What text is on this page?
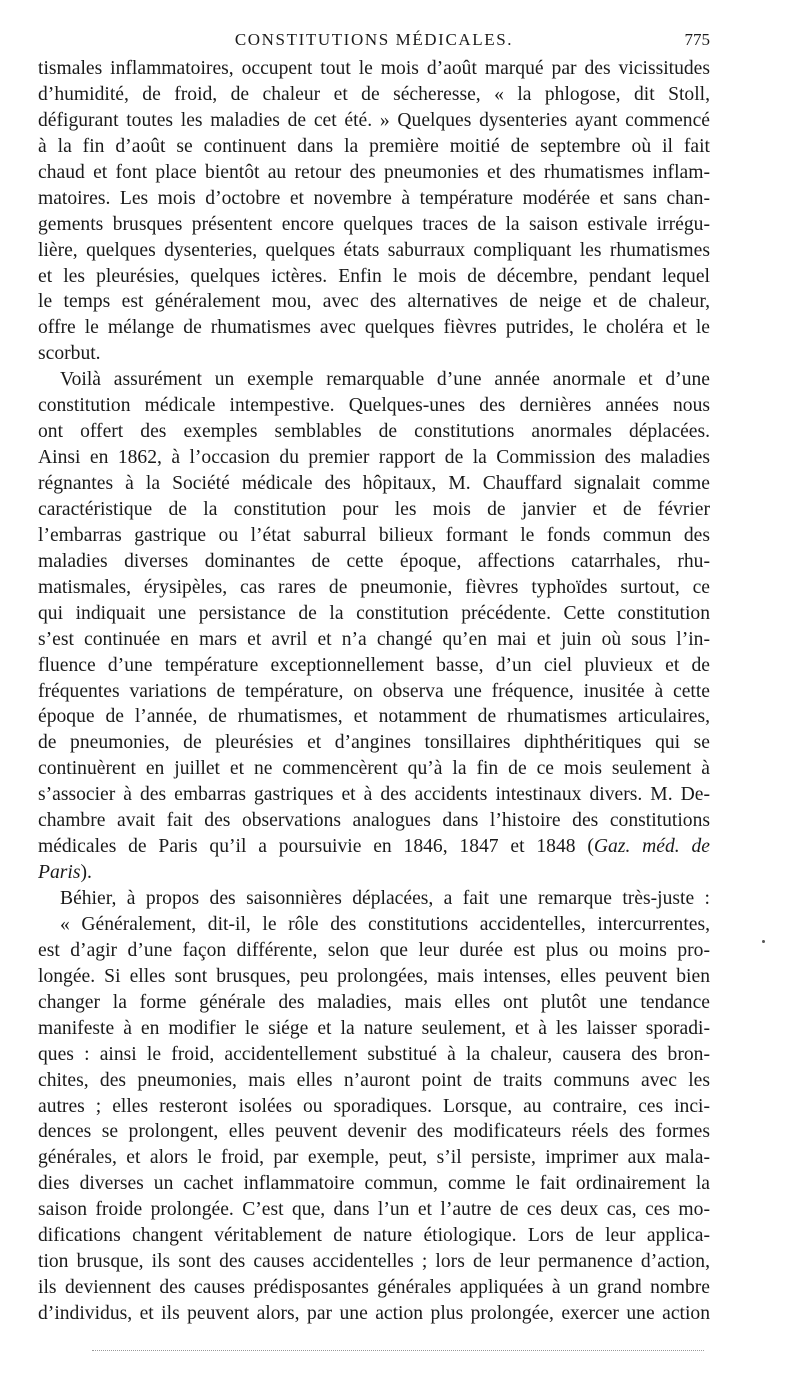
CONSTITUTIONS MÉDICALES.	775
tismales inflammatoires, occupent tout le mois d’août marqué par des vicissitudes
d’humidité, de froid, de chaleur et de sécheresse, « la phlogose, dit Stoll,
défigurant toutes les maladies de cet été. » Quelques dysenteries ayant commencé
à la fin d’août se continuent dans la première moitié de septembre où il fait
chaud et font place bientôt au retour des pneumonies et des rhumatismes inflam-
matoires. Les mois d’octobre et novembre à température modérée et sans chan-
gements brusques présentent encore quelques traces de la saison estivale irrégu-
lière, quelques dysenteries, quelques états saburraux compliquant les rhumatismes
et les pleurésies, quelques ictères. Enfin le mois de décembre, pendant lequel
le temps est généralement mou, avec des alternatives de neige et de chaleur,
offre le mélange de rhumatismes avec quelques fièvres putrides, le choléra et le
scorbut.
Voilà assurément un exemple remarquable d’une année anormale et d’une
constitution médicale intempestive. Quelques-unes des dernières années nous
ont offert des exemples semblables de constitutions anormales déplacées.
Ainsi en 1862, à l’occasion du premier rapport de la Commission des maladies
régnantes à la Société médicale des hôpitaux, M. Chauffard signalait comme
caractéristique de la constitution pour les mois de janvier et de février
l’embarras gastrique ou l’état saburral bilieux formant le fonds commun des
maladies diverses dominantes de cette époque, affections catarrhales, rhu-
matismales, érysipèles, cas rares de pneumonie, fièvres typhoïdes surtout, ce
qui indiquait une persistance de la constitution précédente. Cette constitution
s’est continuée en mars et avril et n’a changé qu’en mai et juin où sous l’in-
fluence d’une température exceptionnellement basse, d’un ciel pluvieux et de
fréquentes variations de température, on observa une fréquence, inusitée à cette
époque de l’année, de rhumatismes, et notamment de rhumatismes articulaires,
de pneumonies, de pleurésies et d’angines tonsillaires diphthéritiques qui se
continuèrent en juillet et ne commencèrent qu’à la fin de ce mois seulement à
s’associer à des embarras gastriques et à des accidents intestinaux divers. M. De-
chambre avait fait des observations analogues dans l’histoire des constitutions
médicales de Paris qu’il a poursuivie en 1846, 1847 et 1848 (Gaz. méd. de
Paris).
Béhier, à propos des saisonnières déplacées, a fait une remarque très-juste :
« Généralement, dit-il, le rôle des constitutions accidentelles, intercurrentes,
est d’agir d’une façon différente, selon que leur durée est plus ou moins pro-
longée. Si elles sont brusques, peu prolongées, mais intenses, elles peuvent bien
changer la forme générale des maladies, mais elles ont plutôt une tendance
manifeste à en modifier le siége et la nature seulement, et à les laisser sporadi-
ques : ainsi le froid, accidentellement substitué à la chaleur, causera des bron-
chites, des pneumonies, mais elles n’auront point de traits communs avec les
autres ; elles resteront isolées ou sporadiques. Lorsque, au contraire, ces inci-
dences se prolongent, elles peuvent devenir des modificateurs réels des formes
générales, et alors le froid, par exemple, peut, s’il persiste, imprimer aux mala-
dies diverses un cachet inflammatoire commun, comme le fait ordinairement la
saison froide prolongée. C’est que, dans l’un et l’autre de ces deux cas, ces mo-
difications changent véritablement de nature étiologique. Lors de leur applica-
tion brusque, ils sont des causes accidentelles ; lors de leur permanence d’action,
ils deviennent des causes prédisposantes générales appliquées à un grand nombre
d’individus, et ils peuvent alors, par une action plus prolongée, exercer une action
